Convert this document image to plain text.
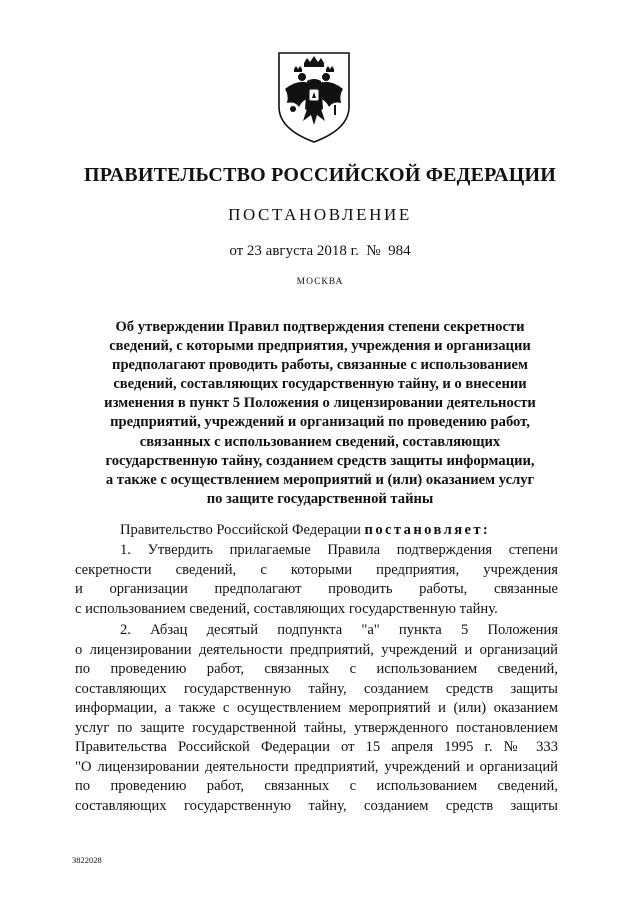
ПРАВИТЕЛЬСТВО РОССИЙСКОЙ ФЕДЕРАЦИИ
ПОСТАНОВЛЕНИЕ
от 23 августа 2018 г.  №  984
МОСКВА
Об утверждении Правил подтверждения степени секретности
сведений, с которыми предприятия, учреждения и организации
предполагают проводить работы, связанные с использованием
сведений, составляющих государственную тайну, и о внесении
изменения в пункт 5 Положения о лицензировании деятельности
предприятий, учреждений и организаций по проведению работ,
связанных с использованием сведений, составляющих
государственную тайну, созданием средств защиты информации,
а также с осуществлением мероприятий и (или) оказанием услуг
по защите государственной тайны
Правительство Российской Федерации постановляет:
1. Утвердить прилагаемые Правила подтверждения степени
секретности сведений, с которыми предприятия, учреждения
и организации предполагают проводить работы, связанные
с использованием сведений, составляющих государственную тайну.
2. Абзац десятый подпункта "а" пункта 5 Положения
о лицензировании деятельности предприятий, учреждений и организаций
по проведению работ, связанных с использованием сведений,
составляющих государственную тайну, созданием средств защиты
информации, а также с осуществлением мероприятий и (или) оказанием
услуг по защите государственной тайны, утвержденного постановлением
Правительства Российской Федерации от 15 апреля 1995 г. № 333
"О лицензировании деятельности предприятий, учреждений и организаций
по проведению работ, связанных с использованием сведений,
составляющих государственную тайну, созданием средств защиты
3822028
